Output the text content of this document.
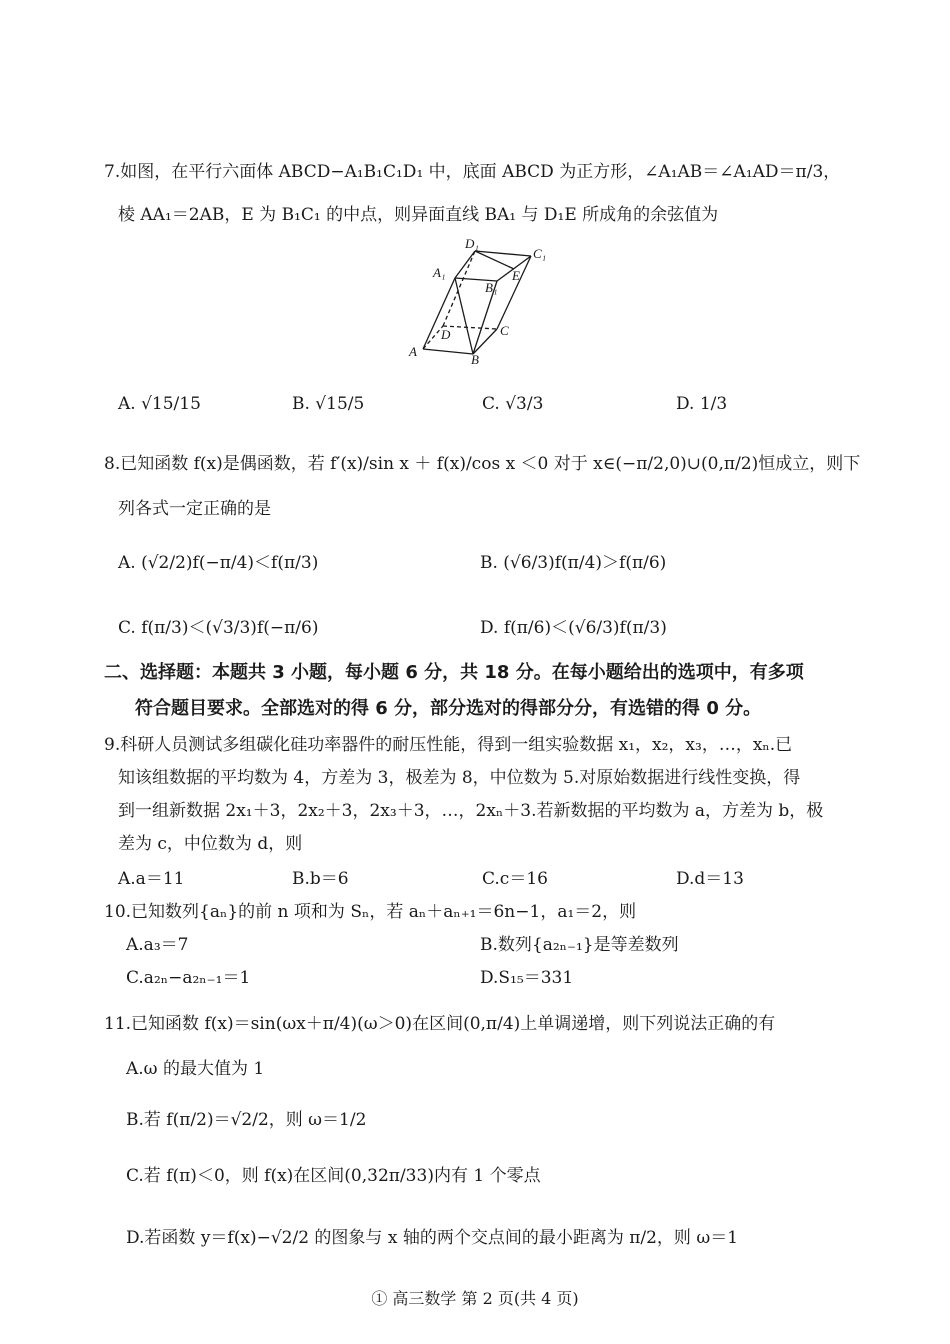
7.如图，在平行六面体 ABCD−A₁B₁C₁D₁ 中，底面 ABCD 为正方形，∠A₁AB＝∠A₁AD＝π/3，
棱 AA₁＝2AB，E 为 B₁C₁ 的中点，则异面直线 BA₁ 与 D₁E 所成角的余弦值为
A
B
C
D
A₁
B₁
C₁
D₁
E
A. √15/15	B. √15/5	C. √3/3	D. 1/3
8.已知函数 f(x)是偶函数，若 f′(x)/sin x ＋ f(x)/cos x ＜0 对于 x∈(−π/2,0)∪(0,π/2)恒成立，则下
列各式一定正确的是
A. (√2/2)f(−π/4)＜f(π/3)	B. (√6/3)f(π/4)＞f(π/6)
C. f(π/3)＜(√3/3)f(−π/6)	D. f(π/6)＜(√6/3)f(π/3)
二、选择题：本题共 3 小题，每小题 6 分，共 18 分。在每小题给出的选项中，有多项
符合题目要求。全部选对的得 6 分，部分选对的得部分分，有选错的得 0 分。
9.科研人员测试多组碳化硅功率器件的耐压性能，得到一组实验数据 x₁，x₂，x₃，…，xₙ.已
知该组数据的平均数为 4，方差为 3，极差为 8，中位数为 5.对原始数据进行线性变换，得
到一组新数据 2x₁＋3，2x₂＋3，2x₃＋3，…，2xₙ＋3.若新数据的平均数为 a，方差为 b，极
差为 c，中位数为 d，则
A.a＝11	B.b＝6	C.c＝16	D.d＝13
10.已知数列{aₙ}的前 n 项和为 Sₙ，若 aₙ＋aₙ₊₁＝6n−1，a₁＝2，则
A.a₃＝7	B.数列{a₂ₙ₋₁}是等差数列
C.a₂ₙ−a₂ₙ₋₁＝1	D.S₁₅＝331
11.已知函数 f(x)＝sin(ωx＋π/4)(ω＞0)在区间(0,π/4)上单调递增，则下列说法正确的有
A.ω 的最大值为 1
B.若 f(π/2)＝√2/2，则 ω＝1/2
C.若 f(π)＜0，则 f(x)在区间(0,32π/33)内有 1 个零点
D.若函数 y＝f(x)−√2/2 的图象与 x 轴的两个交点间的最小距离为 π/2，则 ω＝1
① 高三数学 第 2 页(共 4 页)
